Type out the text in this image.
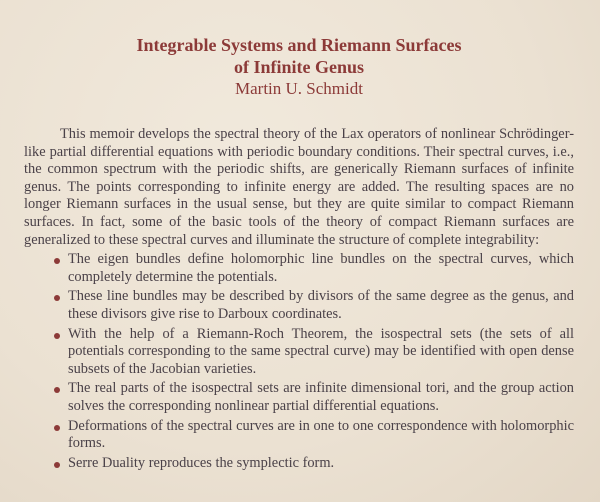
Integrable Systems and Riemann Surfaces
of Infinite Genus

Martin U. Schmidt

This memoir develops the spectral theory of the Lax operators of nonlinear Schrödinger-like partial differential equations with periodic boundary conditions. Their spectral curves, i.e., the common spectrum with the periodic shifts, are generically Riemann surfaces of infinite genus. The points corresponding to infinite energy are added. The resulting spaces are no longer Riemann surfaces in the usual sense, but they are quite similar to compact Riemann surfaces. In fact, some of the basic tools of the theory of compact Riemann surfaces are generalized to these spectral curves and illuminate the structure of complete integrability:

The eigen bundles define holomorphic line bundles on the spectral curves, which completely determine the potentials.
These line bundles may be described by divisors of the same degree as the genus, and these divisors give rise to Darboux coordinates.
With the help of a Riemann-Roch Theorem, the isospectral sets (the sets of all potentials corresponding to the same spectral curve) may be identified with open dense subsets of the Jacobian varieties.
The real parts of the isospectral sets are infinite dimensional tori, and the group action solves the corresponding nonlinear partial differential equations.
Deformations of the spectral curves are in one to one correspondence with holomorphic forms.
Serre Duality reproduces the symplectic form.
